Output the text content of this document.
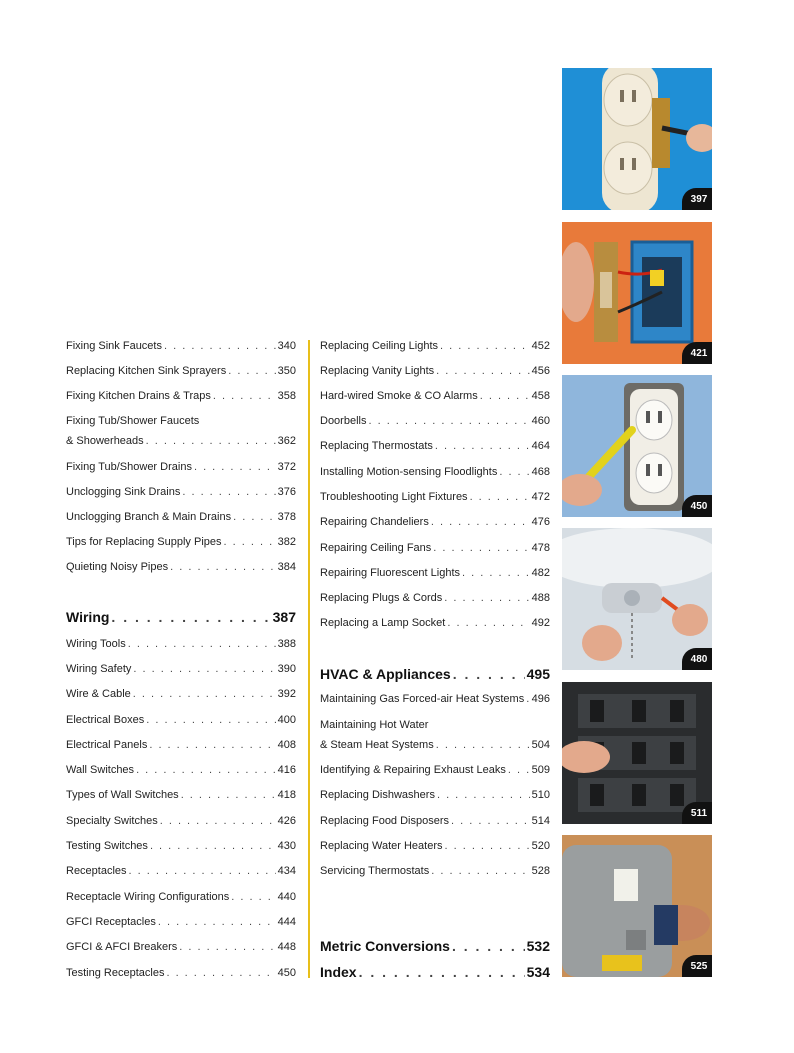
Fixing Sink Faucets . . .	340
Replacing Kitchen Sink Sprayers . . .	350
Fixing Kitchen Drains & Traps . . .	358
Fixing Tub/Shower Faucets
& Showerheads . . .	362
Fixing Tub/Shower Drains . . .	372
Unclogging Sink Drains . . .	376
Unclogging Branch & Main Drains . . .	378
Tips for Replacing Supply Pipes . . .	382
Quieting Noisy Pipes . . .	384
Wiring . . .	387
Wiring Tools . . .	388
Wiring Safety . . .	390
Wire & Cable . . .	392
Electrical Boxes . . .	400
Electrical Panels . . .	408
Wall Switches . . .	416
Types of Wall Switches . . .	418
Specialty Switches . . .	426
Testing Switches . . .	430
Receptacles . . .	434
Receptacle Wiring Configurations . . .	440
GFCI Receptacles . . .	444
GFCI & AFCI Breakers . . .	448
Testing Receptacles . . .	450
Replacing Ceiling Lights . . .	452
Replacing Vanity Lights . . .	456
Hard-wired Smoke & CO Alarms . . .	458
Doorbells . . .	460
Replacing Thermostats . . .	464
Installing Motion-sensing Floodlights . . .	468
Troubleshooting Light Fixtures . . .	472
Repairing Chandeliers . . .	476
Repairing Ceiling Fans . . .	478
Repairing Fluorescent Lights . . .	482
Replacing Plugs & Cords . . .	488
Replacing a Lamp Socket . . .	492
HVAC & Appliances . . .	495
Maintaining Gas Forced-air Heat Systems . . . 496
Maintaining Hot Water
& Steam Heat Systems . . .	504
Identifying & Repairing Exhaust Leaks . . . 509
Replacing Dishwashers . . .	510
Replacing Food Disposers . . .	514
Replacing Water Heaters . . .	520
Servicing Thermostats . . .	528
Metric Conversions . . .	532
Index . . .	534
397
421
450
480
511
525
